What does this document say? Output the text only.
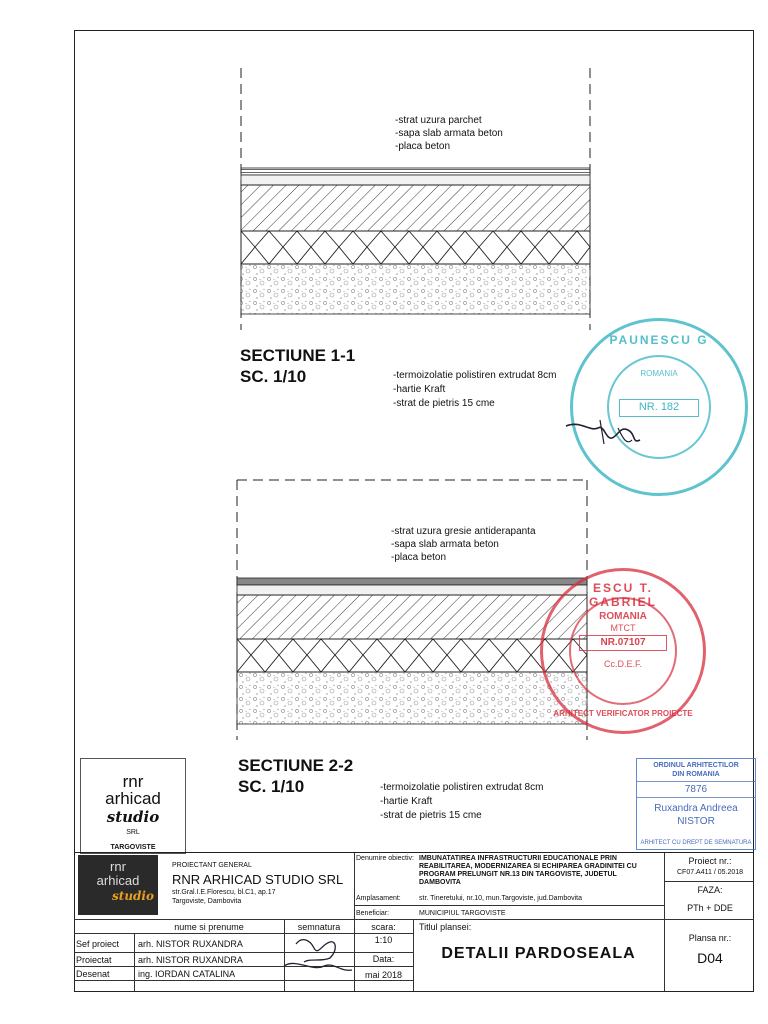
-strat uzura parchet
-sapa slab armata beton
-placa beton
SECTIUNE 1-1
SC. 1/10	-termoizolatie polistiren extrudat 8cm
-hartie Kraft
-strat de pietris 15 cme
-strat uzura gresie antiderapanta
-sapa slab armata beton
-placa beton
SECTIUNE 2-2
SC. 1/10	-termoizolatie polistiren extrudat 8cm
-hartie Kraft
-strat de pietris 15 cme
rnr
arhicad
studio
SRL
TARGOVISTE
PAUNESCU G
ROMANIA
NR. 182
ESCU T. GABRIEL
ROMANIA
MTCT
NR.07107
Cc.D.E.F.
ARHITECT VERIFICATOR PROIECTE
ORDINUL ARHITECTILOR
DIN ROMANIA
7876
Ruxandra Andreea
NISTOR
ARHITECT CU DREPT DE SEMNATURA
rnr
arhicad
studio
PROIECTANT GENERAL
RNR ARHICAD STUDIO SRL
str.Gral.I.E.Florescu, bl.C1, ap.17
Targoviste, Dambovita
Denumire obiectiv: IMBUNATATIREA INFRASTRUCTURII EDUCATIONALE PRIN
REABILITAREA, MODERNIZAREA SI ECHIPAREA GRADINITEI CU
PROGRAM PRELUNGIT NR.13 DIN TARGOVISTE, JUDETUL
DAMBOVITA
Amplasament:	str. Tineretului, nr.10, mun.Targoviste, jud.Dambovita
Beneficiar:	MUNICIPIUL TARGOVISTE
Proiect nr.:
CF07.A411 / 05.2018
FAZA:
PTh + DDE
nume si prenume	semnatura
Sef proiect arh. NISTOR RUXANDRA
Proiectat	arh. NISTOR RUXANDRA
Desenat	ing. IORDAN CATALINA
scara:
1:10
Data:
mai 2018
Titlul plansei:
DETALII PARDOSEALA
Plansa nr.:
D04
